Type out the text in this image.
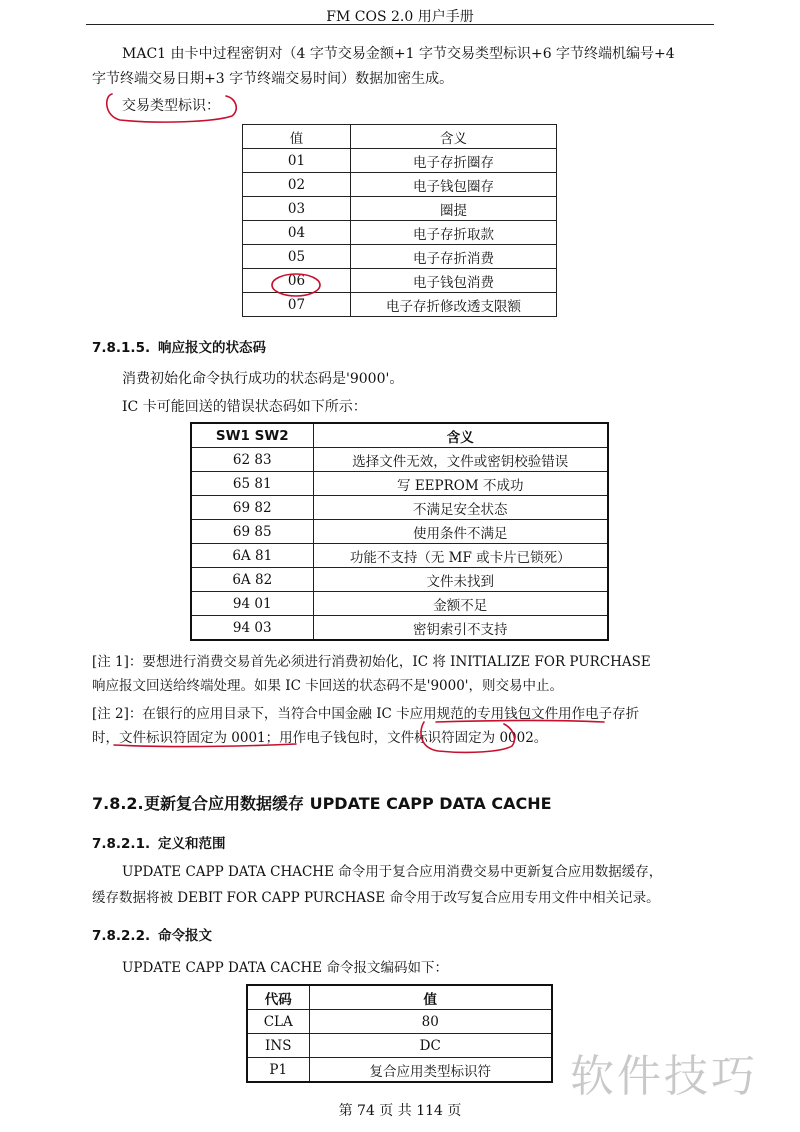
FM COS 2.0 用户手册
MAC1 由卡中过程密钥对（4 字节交易金额+1 字节交易类型标识+6 字节终端机编号+4
字节终端交易日期+3 字节终端交易时间）数据加密生成。
交易类型标识：
值	含义
01	电子存折圈存
02	电子钱包圈存
03	圈提
04	电子存折取款
05	电子存折消费
06	电子钱包消费
07	电子存折修改透支限额
7.8.1.5. 响应报文的状态码
消费初始化命令执行成功的状态码是'9000'。
IC 卡可能回送的错误状态码如下所示：
SW1 SW2	含义
62 83	选择文件无效，文件或密钥校验错误
65 81	写 EEPROM 不成功
69 82	不满足安全状态
69 85	使用条件不满足
6A 81	功能不支持（无 MF 或卡片已锁死）
6A 82	文件未找到
94 01	金额不足
94 03	密钥索引不支持
[注 1]：要想进行消费交易首先必须进行消费初始化，IC 将 INITIALIZE FOR PURCHASE
响应报文回送给终端处理。如果 IC 卡回送的状态码不是'9000'，则交易中止。
[注 2]：在银行的应用目录下，当符合中国金融 IC 卡应用规范的专用钱包文件用作电子存折
时，文件标识符固定为 0001；用作电子钱包时，文件标识符固定为 0002。
7.8.2.更新复合应用数据缓存 UPDATE CAPP DATA CACHE
7.8.2.1. 定义和范围
UPDATE CAPP DATA CHACHE 命令用于复合应用消费交易中更新复合应用数据缓存，
缓存数据将被 DEBIT FOR CAPP PURCHASE 命令用于改写复合应用专用文件中相关记录。
7.8.2.2. 命令报文
UPDATE CAPP DATA CACHE 命令报文编码如下：
代码	值
CLA	80
INS	DC
P1	复合应用类型标识符
第 74 页 共 114 页
软件技巧
